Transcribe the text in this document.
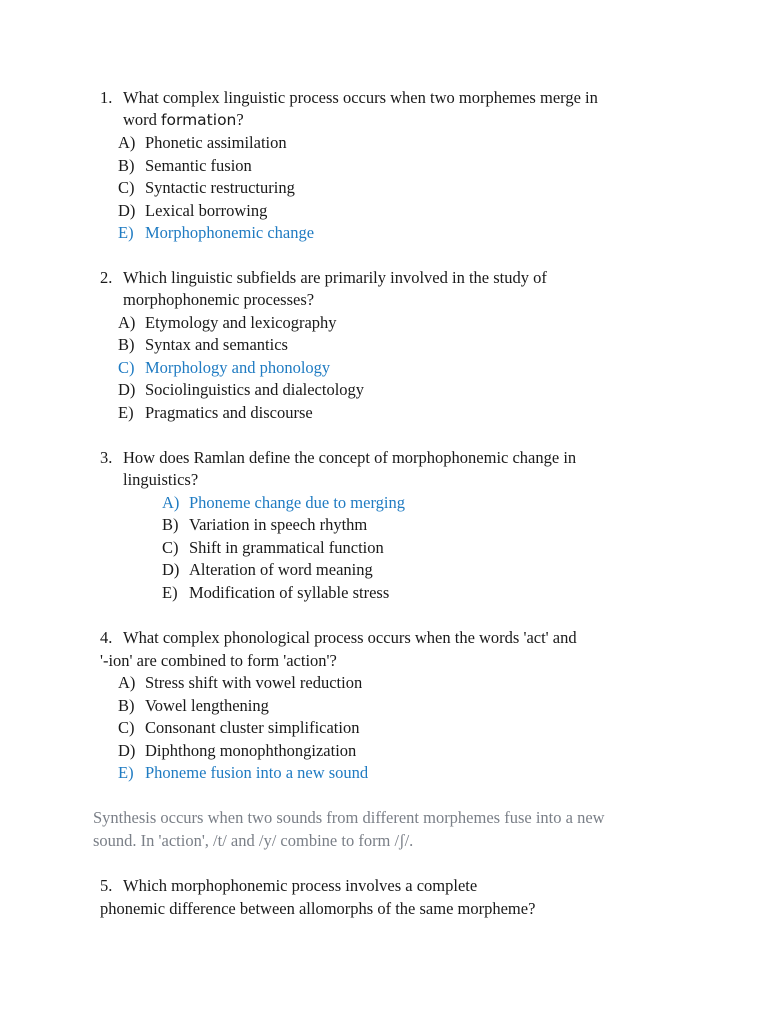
1. What complex linguistic process occurs when two morphemes merge in
word formation?
A) Phonetic assimilation
B) Semantic fusion
C) Syntactic restructuring
D) Lexical borrowing
E) Morphophonemic change
2. Which linguistic subfields are primarily involved in the study of
morphophonemic processes?
A) Etymology and lexicography
B) Syntax and semantics
C) Morphology and phonology
D) Sociolinguistics and dialectology
E) Pragmatics and discourse
3. How does Ramlan define the concept of morphophonemic change in
linguistics?
A) Phoneme change due to merging
B) Variation in speech rhythm
C) Shift in grammatical function
D) Alteration of word meaning
E) Modification of syllable stress
4. What complex phonological process occurs when the words 'act' and
'-ion' are combined to form 'action'?
A) Stress shift with vowel reduction
B) Vowel lengthening
C) Consonant cluster simplification
D) Diphthong monophthongization
E) Phoneme fusion into a new sound
Synthesis occurs when two sounds from different morphemes fuse into a new
sound. In 'action', /t/ and /y/ combine to form /ʃ/.
5. Which morphophonemic process involves a complete
phonemic difference between allomorphs of the same morpheme?
